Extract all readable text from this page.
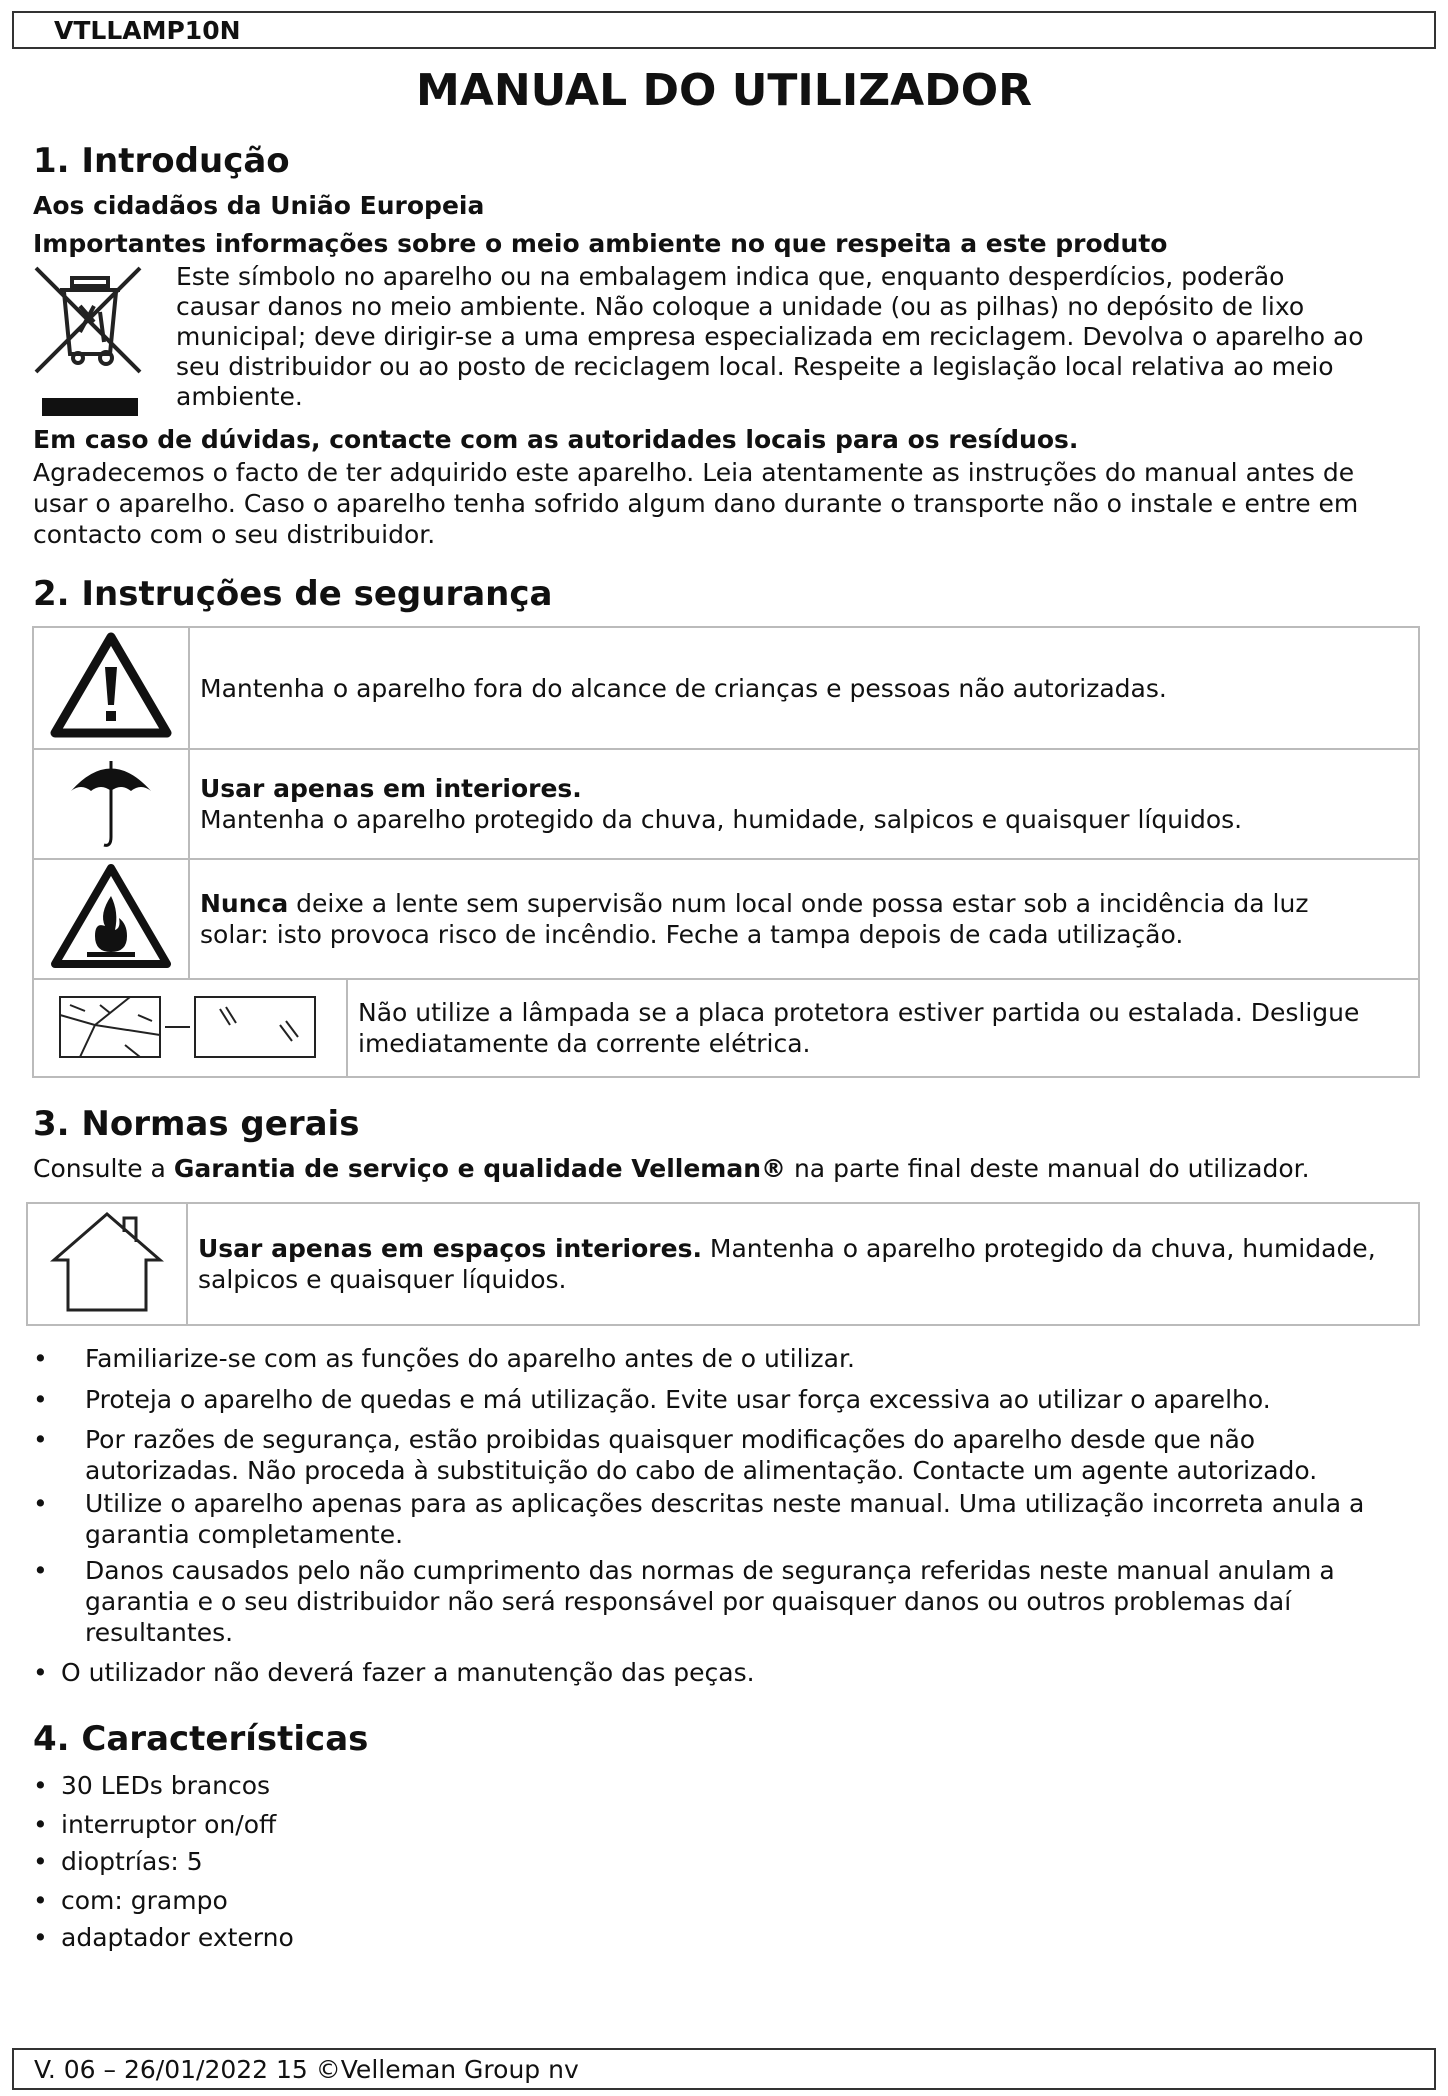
VTLLAMP10N
MANUAL DO UTILIZADOR
1. Introdução

Aos cidadãos da União Europeia

Importantes informações sobre o meio ambiente no que respeita a este produto

Este símbolo no aparelho ou na embalagem indica que, enquanto desperdícios, poderão

causar danos no meio ambiente. Não coloque a unidade (ou as pilhas) no depósito de lixo

municipal; deve dirigir-se a uma empresa especializada em reciclagem. Devolva o aparelho ao

seu distribuidor ou ao posto de reciclagem local. Respeite a legislação local relativa ao meio

ambiente.

Em caso de dúvidas, contacte com as autoridades locais para os resíduos.

Agradecemos o facto de ter adquirido este aparelho. Leia atentamente as instruções do manual antes de

usar o aparelho. Caso o aparelho tenha sofrido algum dano durante o transporte não o instale e entre em

contacto com o seu distribuidor.

2. Instruções de segurança
	Mantenha o aparelho fora do alcance de crianças e pessoas não autorizadas.

Usar apenas em interiores.
Mantenha o aparelho protegido da chuva, humidade, salpicos e quaisquer líquidos.

Nunca deixe a lente sem supervisão num local onde possa estar sob a incidência da luz
solar: isto provoca risco de incêndio. Feche a tampa depois de cada utilização.

Não utilize a lâmpada se a placa protetora estiver partida ou estalada. Desligue
imediatamente da corrente elétrica.
3. Normas gerais

Consulte a Garantia de serviço e qualidade Velleman® na parte final deste manual do utilizador.

Usar apenas em espaços interiores. Mantenha o aparelho protegido da chuva, humidade,
salpicos e quaisquer líquidos.
• Familiarize-se com as funções do aparelho antes de o utilizar.
• Proteja o aparelho de quedas e má utilização. Evite usar força excessiva ao utilizar o aparelho.
• Por razões de segurança, estão proibidas quaisquer modificações do aparelho desde que não
autorizadas. Não proceda à substituição do cabo de alimentação. Contacte um agente autorizado.
• Utilize o aparelho apenas para as aplicações descritas neste manual. Uma utilização incorreta anula a
garantia completamente.
• Danos causados pelo não cumprimento das normas de segurança referidas neste manual anulam a
garantia e o seu distribuidor não será responsável por quaisquer danos ou outros problemas daí
resultantes.
• O utilizador não deverá fazer a manutenção das peças.
4. Características
• 30 LEDs brancos
• interruptor on/off
• dioptrías: 5
• com: grampo
• adaptador externo
V. 06 – 26/01/2022 15 ©Velleman Group nv
